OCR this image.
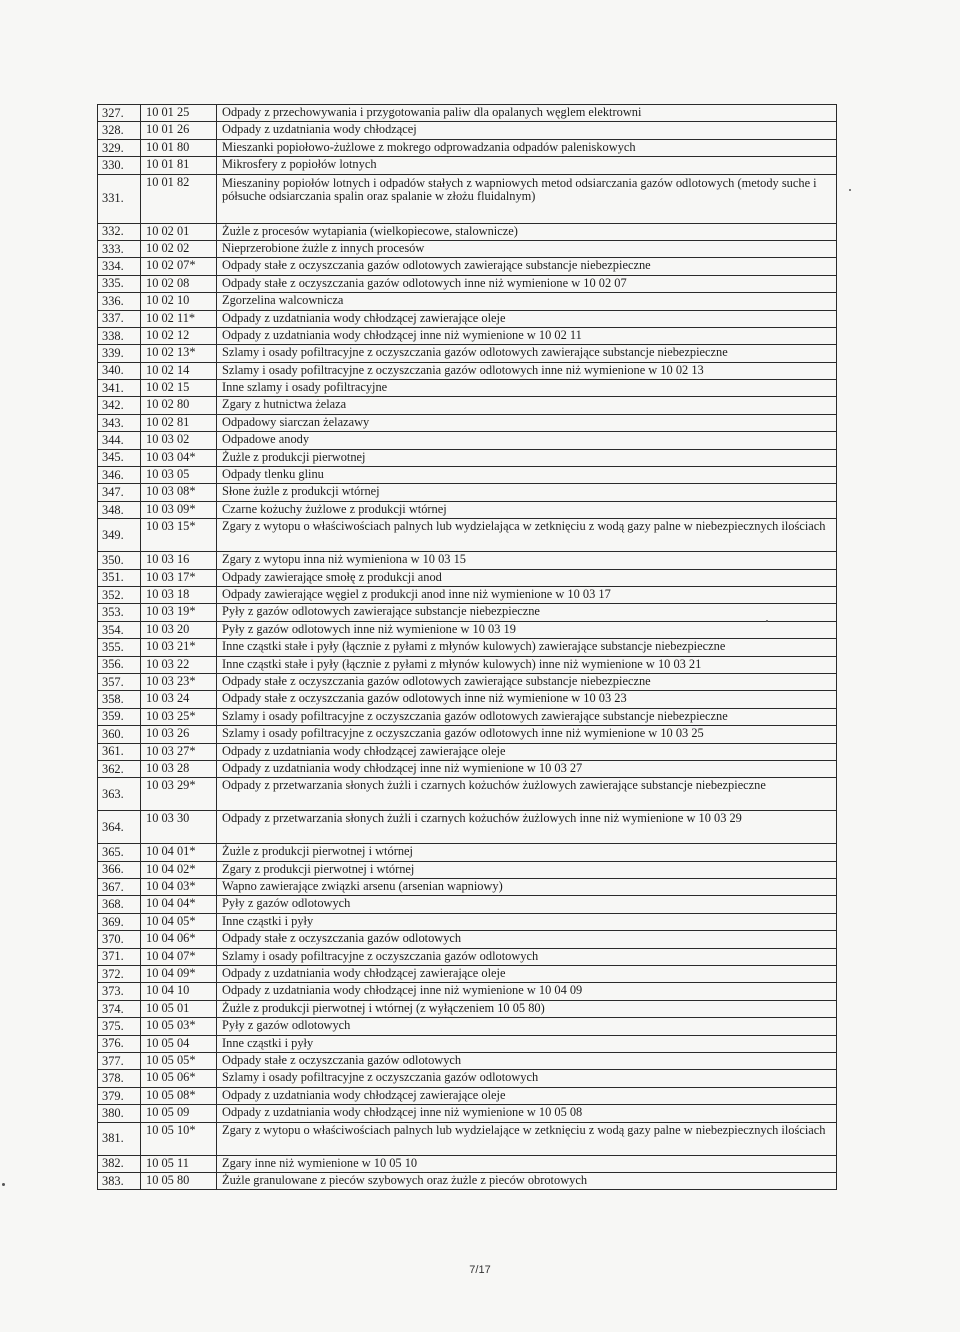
327.	10 01 25	Odpady z przechowywania i przygotowania paliw dla opalanych węglem elektrowni
328.	10 01 26	Odpady z uzdatniania wody chłodzącej
329.	10 01 80	Mieszanki popiołowo-żużlowe z mokrego odprowadzania odpadów paleniskowych
330.	10 01 81	Mikrosfery z popiołów lotnych
331.	10 01 82	Mieszaniny popiołów lotnych i odpadów stałych z wapniowych metod odsiarczania gazów odlotowych (metody suche i półsuche odsiarczania spalin oraz spalanie w złożu fluidalnym)
332.	10 02 01	Żużle z procesów wytapiania (wielkopiecowe, stalownicze)
333.	10 02 02	Nieprzerobione żużle z innych procesów
334.	10 02 07*	Odpady stałe z oczyszczania gazów odlotowych zawierające substancje niebezpieczne
335.	10 02 08	Odpady stałe z oczyszczania gazów odlotowych inne niż wymienione w 10 02 07
336.	10 02 10	Zgorzelina walcownicza
337.	10 02 11*	Odpady z uzdatniania wody chłodzącej zawierające oleje
338.	10 02 12	Odpady z uzdatniania wody chłodzącej inne niż wymienione w 10 02 11
339.	10 02 13*	Szlamy i osady pofiltracyjne z oczyszczania gazów odlotowych zawierające substancje niebezpieczne
340.	10 02 14	Szlamy i osady pofiltracyjne z oczyszczania gazów odlotowych inne niż wymienione w 10 02 13
341.	10 02 15	Inne szlamy i osady pofiltracyjne
342.	10 02 80	Zgary z hutnictwa żelaza
343.	10 02 81	Odpadowy siarczan żelazawy
344.	10 03 02	Odpadowe anody
345.	10 03 04*	Żużle z produkcji pierwotnej
346.	10 03 05	Odpady tlenku glinu
347.	10 03 08*	Słone żużle z produkcji wtórnej
348.	10 03 09*	Czarne kożuchy żużlowe z produkcji wtórnej
349.	10 03 15*	Zgary z wytopu o właściwościach palnych lub wydzielająca w zetknięciu z wodą gazy palne w niebezpiecznych ilościach
350.	10 03 16	Zgary z wytopu inna niż wymieniona w 10 03 15
351.	10 03 17*	Odpady zawierające smołę z produkcji anod
352.	10 03 18	Odpady zawierające węgiel z produkcji anod inne niż wymienione w 10 03 17
353.	10 03 19*	Pyły z gazów odlotowych zawierające substancje niebezpieczne
354.	10 03 20	Pyły z gazów odlotowych inne niż wymienione w 10 03 19
355.	10 03 21*	Inne cząstki stałe i pyły (łącznie z pyłami z młynów kulowych) zawierające substancje niebezpieczne
356.	10 03 22	Inne cząstki stałe i pyły (łącznie z pyłami z młynów kulowych) inne niż wymienione w 10 03 21
357.	10 03 23*	Odpady stałe z oczyszczania gazów odlotowych zawierające substancje niebezpieczne
358.	10 03 24	Odpady stałe z oczyszczania gazów odlotowych inne niż wymienione w 10 03 23
359.	10 03 25*	Szlamy i osady pofiltracyjne z oczyszczania gazów odlotowych zawierające substancje niebezpieczne
360.	10 03 26	Szlamy i osady pofiltracyjne z oczyszczania gazów odlotowych inne niż wymienione w 10 03 25
361.	10 03 27*	Odpady z uzdatniania wody chłodzącej zawierające oleje
362.	10 03 28	Odpady z uzdatniania wody chłodzącej inne niż wymienione w 10 03 27
363.	10 03 29*	Odpady z przetwarzania słonych żużli i czarnych kożuchów żużlowych zawierające substancje niebezpieczne
364.	10 03 30	Odpady z przetwarzania słonych żużli i czarnych kożuchów żużlowych inne niż wymienione w 10 03 29
365.	10 04 01*	Żużle z produkcji pierwotnej i wtórnej
366.	10 04 02*	Zgary z produkcji pierwotnej i wtórnej
367.	10 04 03*	Wapno zawierające związki arsenu (arsenian wapniowy)
368.	10 04 04*	Pyły z gazów odlotowych
369.	10 04 05*	Inne cząstki i pyły
370.	10 04 06*	Odpady stałe z oczyszczania gazów odlotowych
371.	10 04 07*	Szlamy i osady pofiltracyjne z oczyszczania gazów odlotowych
372.	10 04 09*	Odpady z uzdatniania wody chłodzącej zawierające oleje
373.	10 04 10	Odpady z uzdatniania wody chłodzącej inne niż wymienione w 10 04 09
374.	10 05 01	Żużle z produkcji pierwotnej i wtórnej (z wyłączeniem 10 05 80)
375.	10 05 03*	Pyły z gazów odlotowych
376.	10 05 04	Inne cząstki i pyły
377.	10 05 05*	Odpady stałe z oczyszczania gazów odlotowych
378.	10 05 06*	Szlamy i osady pofiltracyjne z oczyszczania gazów odlotowych
379.	10 05 08*	Odpady z uzdatniania wody chłodzącej zawierające oleje
380.	10 05 09	Odpady z uzdatniania wody chłodzącej inne niż wymienione w 10 05 08
381.	10 05 10*	Zgary z wytopu o właściwościach palnych lub wydzielające w zetknięciu z wodą gazy palne w niebezpiecznych ilościach
382.	10 05 11	Zgary inne niż wymienione w 10 05 10
383.	10 05 80	Żużle granulowane z pieców szybowych oraz żużle z pieców obrotowych
7/17
